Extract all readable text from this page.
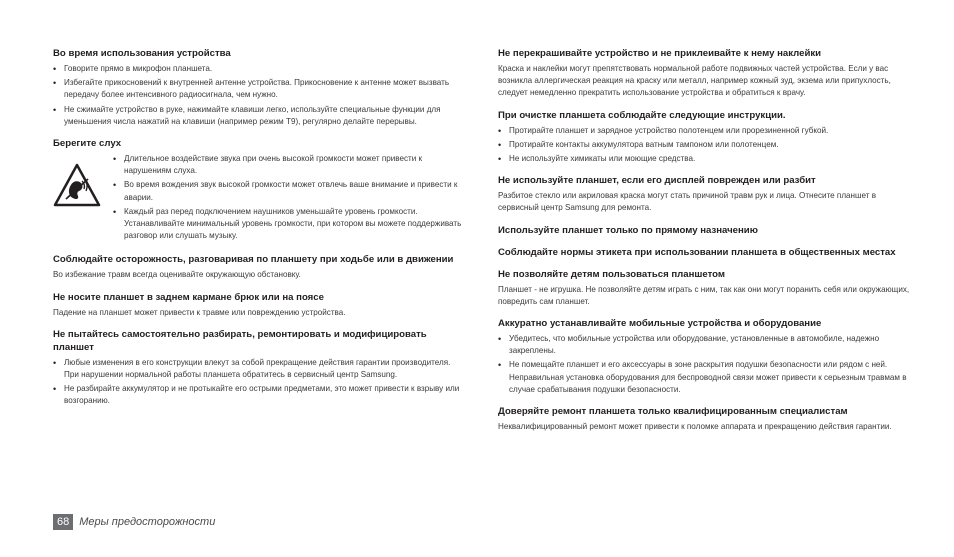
Во время использования устройства
• Говорите прямо в микрофон планшета.
• Избегайте прикосновений к внутренней антенне устройства. Прикосновение к антенне может вызвать передачу более интенсивного радиосигнала, чем нужно.
• Не сжимайте устройство в руке, нажимайте клавиши легко, используйте специальные функции для уменьшения числа нажатий на клавиши (например режим Т9), регулярно делайте перерывы.
Берегите слух
• Длительное воздействие звука при очень высокой громкости может привести к нарушениям слуха.
• Во время вождения звук высокой громкости может отвлечь ваше внимание и привести к аварии.
• Каждый раз перед подключением наушников уменьшайте уровень громкости. Устанавливайте минимальный уровень громкости, при котором вы можете поддерживать разговор или слушать музыку.
Соблюдайте осторожность, разговаривая по планшету при ходьбе или в движении

Во избежание травм всегда оценивайте окружающую обстановку.

Не носите планшет в заднем кармане брюк или на поясе

Падение на планшет может привести к травме или повреждению устройства.

Не пытайтесь самостоятельно разбирать, ремонтировать и модифицировать планшет
• Любые изменения в его конструкции влекут за собой прекращение действия гарантии производителя. При нарушении нормальной работы планшета обратитесь в сервисный центр Samsung.
• Не разбирайте аккумулятор и не протыкайте его острыми предметами, это может привести к взрыву или возгоранию.
Не перекрашивайте устройство и не приклеивайте к нему наклейки

Краска и наклейки могут препятствовать нормальной работе подвижных частей устройства. Если у вас возникла аллергическая реакция на краску или металл, например кожный зуд, экзема или припухлость, следует немедленно прекратить использование устройства и обратиться к врачу.

При очистке планшета соблюдайте следующие инструкции.
• Протирайте планшет и зарядное устройство полотенцем или прорезиненной губкой.
• Протирайте контакты аккумулятора ватным тампоном или полотенцем.
• Не используйте химикаты или моющие средства.
Не используйте планшет, если его дисплей поврежден или разбит

Разбитое стекло или акриловая краска могут стать причиной травм рук и лица. Отнесите планшет в сервисный центр Samsung для ремонта.

Используйте планшет только по прямому назначению
Соблюдайте нормы этикета при использовании планшета в общественных местах
Не позволяйте детям пользоваться планшетом

Планшет - не игрушка. Не позволяйте детям играть с ним, так как они могут поранить себя или окружающих, повредить сам планшет.

Аккуратно устанавливайте мобильные устройства и оборудование
• Убедитесь, что мобильные устройства или оборудование, установленные в автомобиле, надежно закреплены.
• Не помещайте планшет и его аксессуары в зоне раскрытия подушки безопасности или рядом с ней. Неправильная установка оборудования для беспроводной связи может привести к серьезным травмам в случае срабатывания подушки безопасности.
Доверяйте ремонт планшета только квалифицированным специалистам

Неквалифицированный ремонт может привести к поломке аппарата и прекращению действия гарантии.

68 Меры предосторожности
